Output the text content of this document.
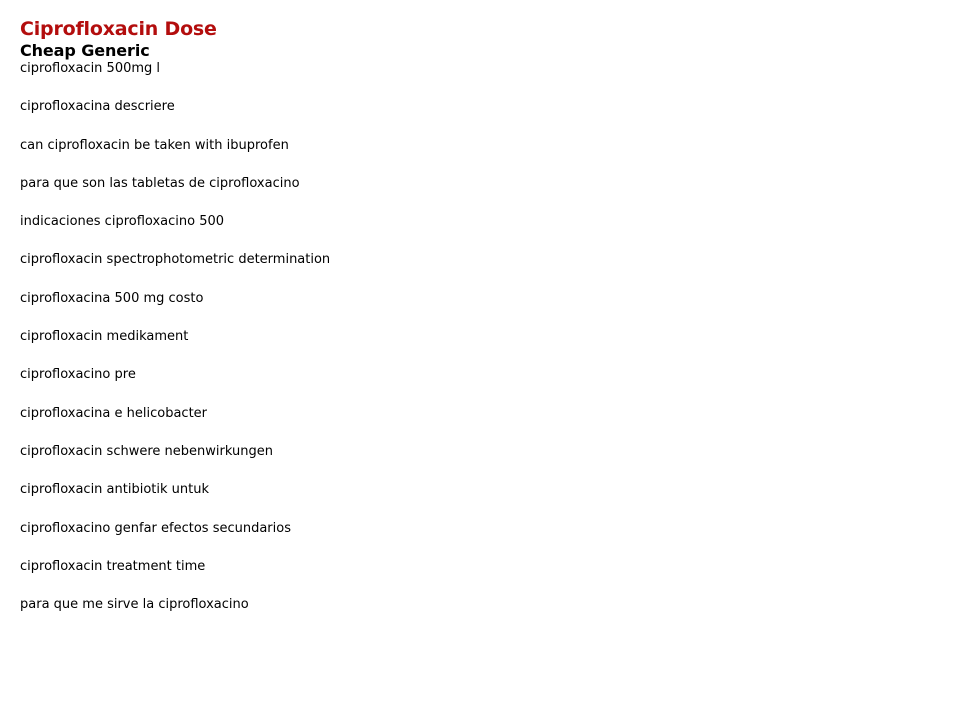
Ciprofloxacin Dose
Cheap Generic
ciprofloxacin 500mg l
ciprofloxacina descriere
can ciprofloxacin be taken with ibuprofen
para que son las tabletas de ciprofloxacino
indicaciones ciprofloxacino 500
ciprofloxacin spectrophotometric determination
ciprofloxacina 500 mg costo
ciprofloxacin medikament
ciprofloxacino pre
ciprofloxacina e helicobacter
ciprofloxacin schwere nebenwirkungen
ciprofloxacin antibiotik untuk
ciprofloxacino genfar efectos secundarios
ciprofloxacin treatment time
para que me sirve la ciprofloxacino
